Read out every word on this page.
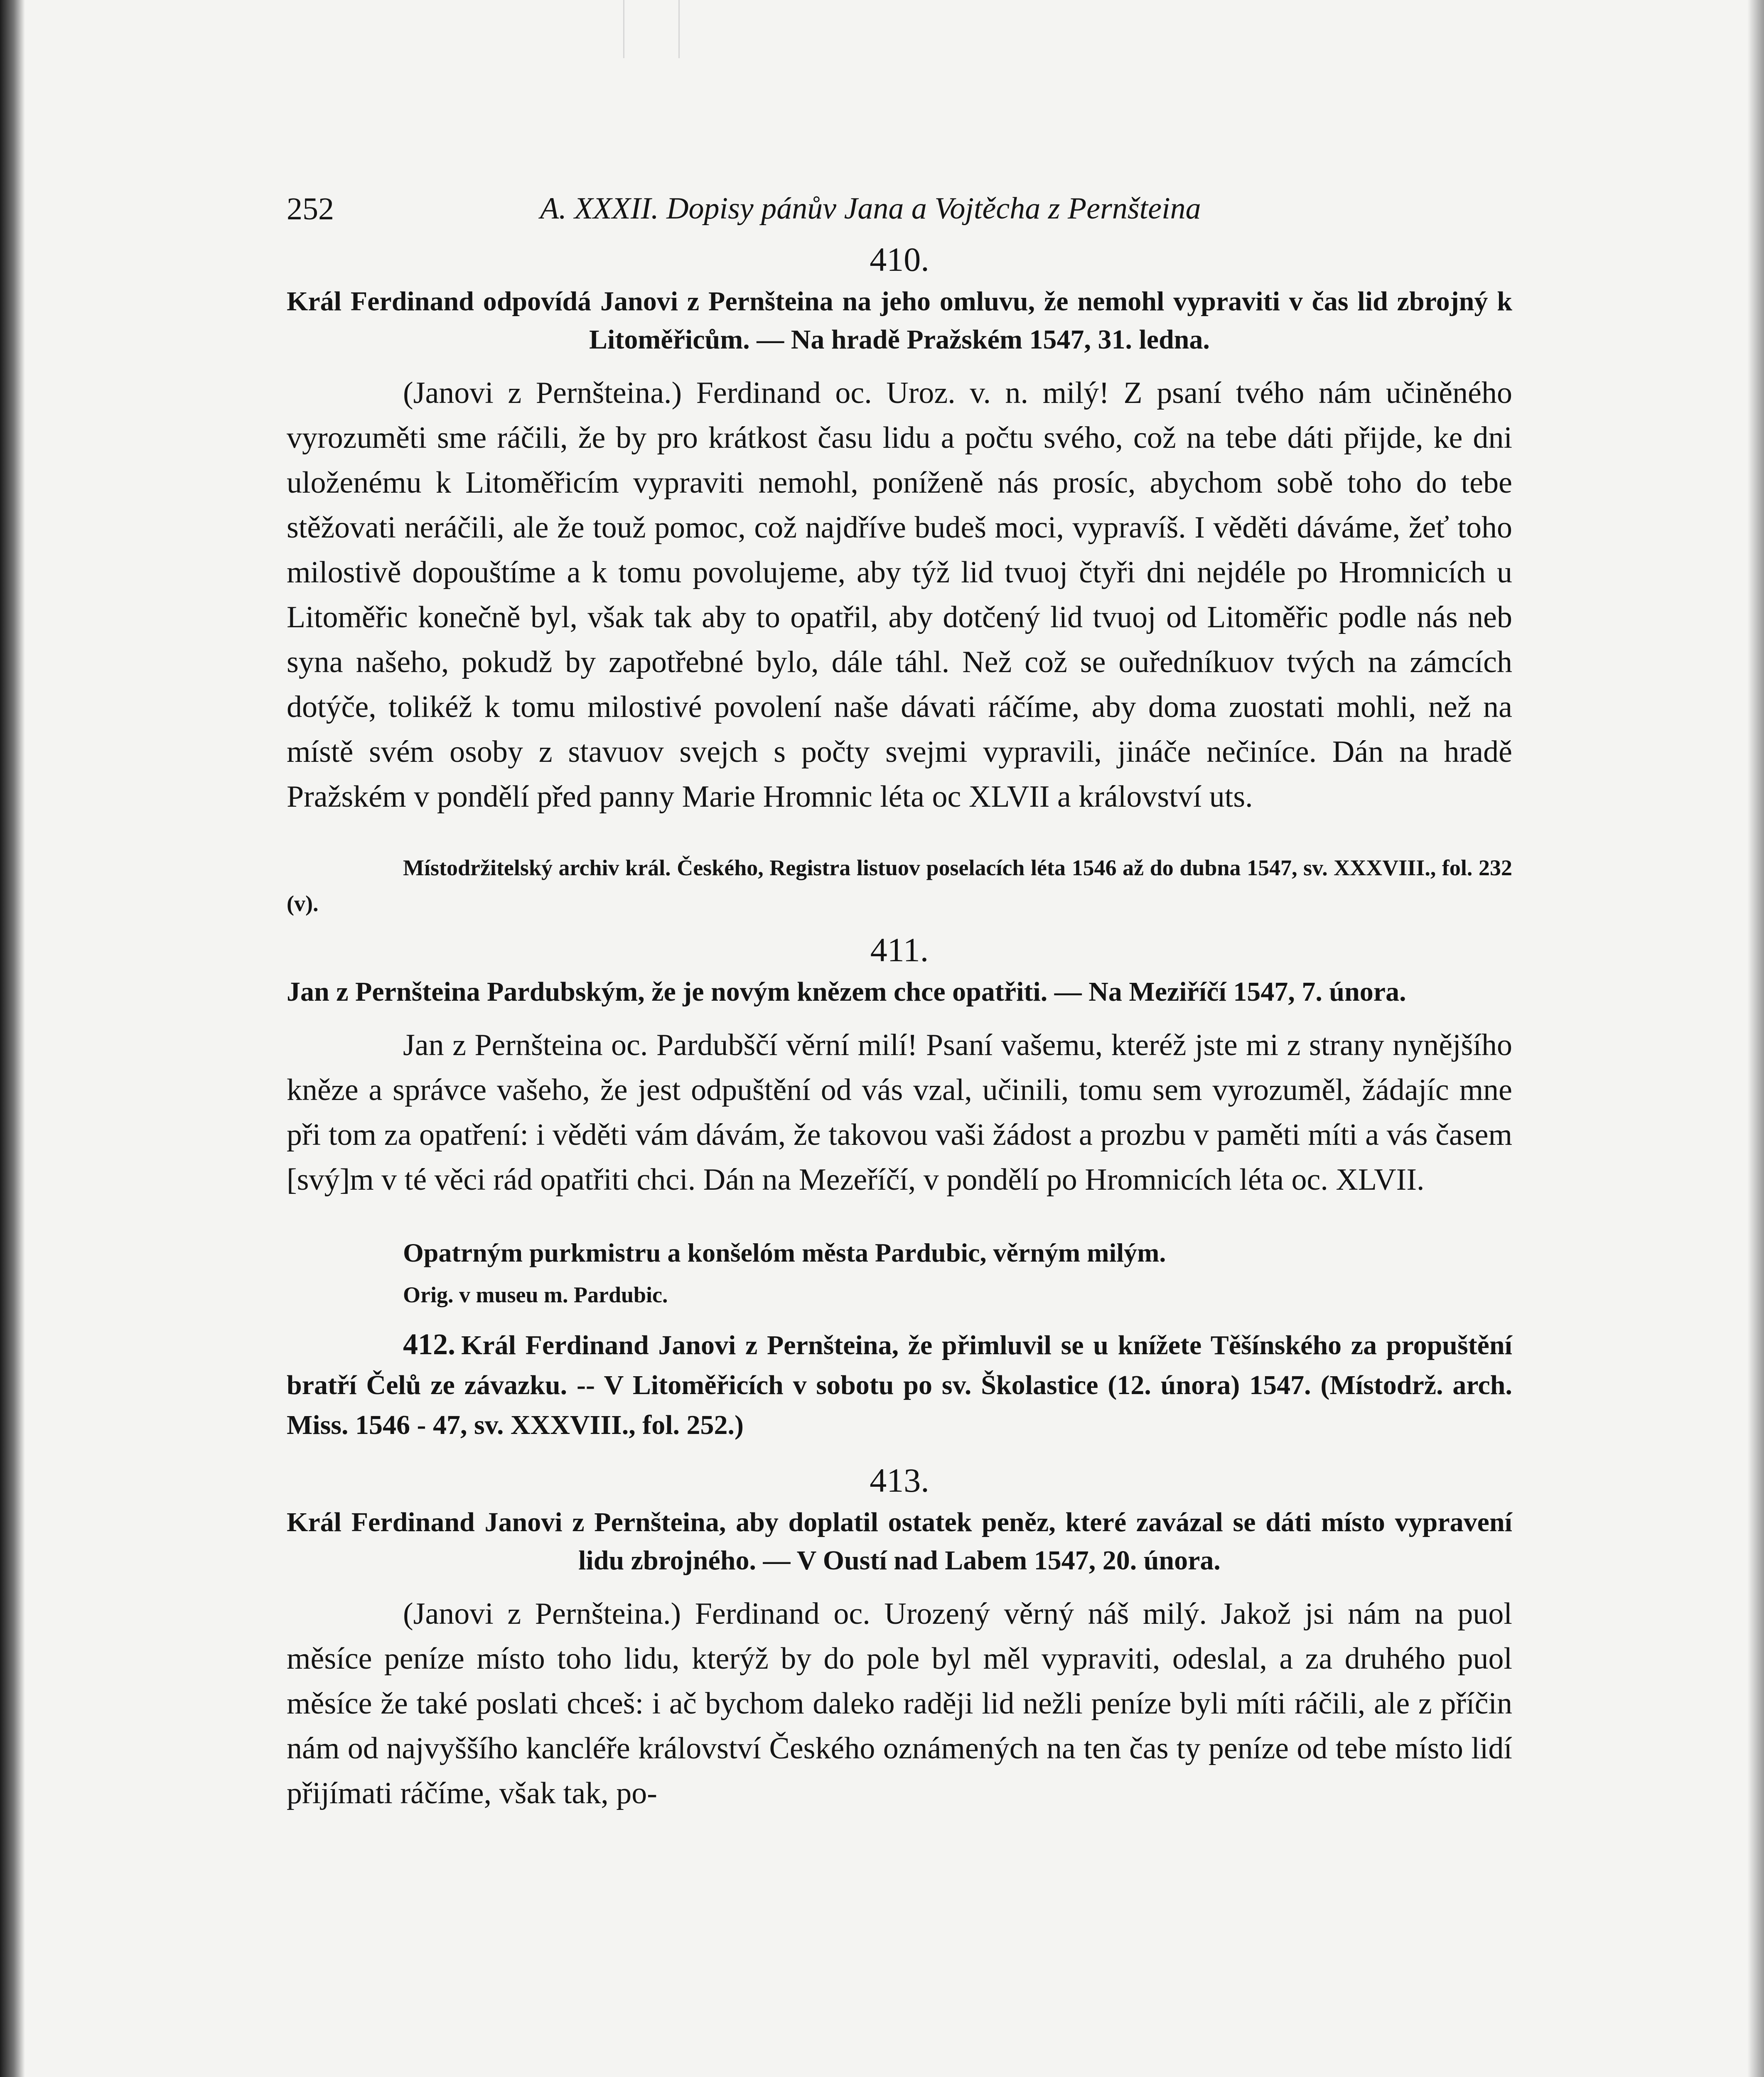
252	A. XXXII. Dopisy pánův Jana a Vojtěcha z Pernšteina
410.
Král Ferdinand odpovídá Janovi z Pernšteina na jeho omluvu, že nemohl vypraviti v čas lid zbrojný k Litoměřicům. — Na hradě Pražském 1547, 31. ledna.

(Janovi z Pernšteina.) Ferdinand oc. Uroz. v. n. milý! Z psaní tvého nám učiněného vyrozuměti sme ráčili, že by pro krátkost času lidu a počtu svého, což na tebe dáti přijde, ke dni uloženému k Litoměřicím vypraviti nemohl, poníženě nás prosíc, abychom sobě toho do tebe stěžovati neráčili, ale že touž pomoc, což najdříve budeš moci, vypravíš. I věděti dáváme, žeť toho milostivě dopouštíme a k tomu povolujeme, aby týž lid tvuoj čtyři dni nejdéle po Hromnicích u Litoměřic konečně byl, však tak aby to opatřil, aby dotčený lid tvuoj od Litoměřic podle nás neb syna našeho, pokudž by zapotřebné bylo, dále táhl. Než což se ouředníkuov tvých na zámcích dotýče, tolikéž k tomu milostivé povolení naše dávati ráčíme, aby doma zuostati mohli, než na místě svém osoby z stavuov svejch s počty svejmi vypravili, jináče nečiníce. Dán na hradě Pražském v pondělí před panny Marie Hromnic léta oc XLVII a království uts.

Místodržitelský archiv král. Českého, Registra listuov poselacích léta 1546 až do dubna 1547, sv. XXXVIII., fol. 232 (v).
411.
Jan z Pernšteina Pardubským, že je novým knězem chce opatřiti. — Na Meziříčí 1547, 7. února.

Jan z Pernšteina oc. Pardubščí věrní milí! Psaní vašemu, kteréž jste mi z strany nynějšího kněze a správce vašeho, že jest odpuštění od vás vzal, učinili, tomu sem vyrozuměl, žádajíc mne při tom za opatření: i věděti vám dávám, že takovou vaši žádost a prozbu v paměti míti a vás časem [svý]m v té věci rád opatřiti chci. Dán na Mezeříčí, v pondělí po Hromnicích léta oc. XLVII.

Opatrným purkmistru a konšelóm města Pardubic, věrným milým.
Orig. v museu m. Pardubic.
412. Král Ferdinand Janovi z Pernšteina, že přimluvil se u knížete Těšínského za propuštění bratří Čelů ze závazku. -- V Litoměřicích v sobotu po sv. Školastice (12. února) 1547. (Místodrž. arch. Miss. 1546 - 47, sv. XXXVIII., fol. 252.)
413.
Král Ferdinand Janovi z Pernšteina, aby doplatil ostatek peněz, které zavázal se dáti místo vypravení lidu zbrojného. — V Oustí nad Labem 1547, 20. února.

(Janovi z Pernšteina.) Ferdinand oc. Urozený věrný náš milý. Jakož jsi nám na puol měsíce peníze místo toho lidu, kterýž by do pole byl měl vypraviti, odeslal, a za druhého puol měsíce že také poslati chceš: i ač bychom daleko raději lid nežli peníze byli míti ráčili, ale z příčin nám od najvyššího kancléře království Českého oznámených na ten čas ty peníze od tebe místo lidí přijímati ráčíme, však tak, po-
